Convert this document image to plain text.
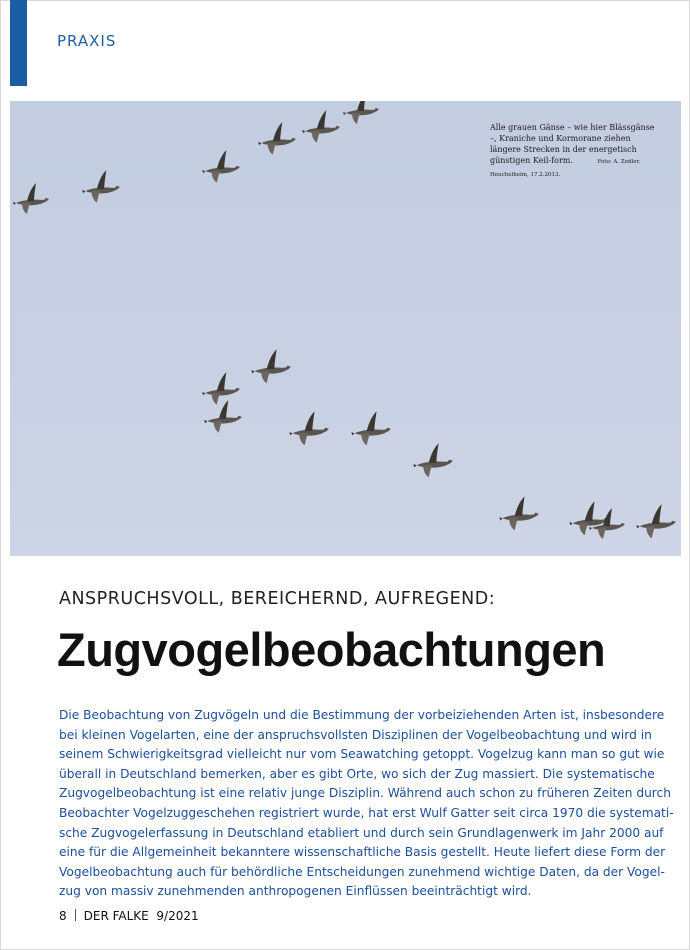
PRAXIS
Alle grauen Gänse – wie hier Blässgänse –, Kraniche und Kormorane ziehen längere Strecken in der energetisch günstigen Keil-form.	Foto: A. Zedler. Heuchelheim, 17.2.2013.
ANSPRUCHSVOLL, BEREICHERND, AUFREGEND:
Zugvogelbeobachtungen
Die Beobachtung von Zugvögeln und die Bestimmung der vorbeiziehenden Arten ist, insbesondere
bei kleinen Vogelarten, eine der anspruchsvollsten Disziplinen der Vogelbeobachtung und wird in
seinem Schwierigkeitsgrad vielleicht nur vom Seawatching getoppt. Vogelzug kann man so gut wie
überall in Deutschland bemerken, aber es gibt Orte, wo sich der Zug massiert. Die systematische
Zugvogelbeobachtung ist eine relativ junge Disziplin. Während auch schon zu früheren Zeiten durch
Beobachter Vogelzuggeschehen registriert wurde, hat erst Wulf Gatter seit circa 1970 die systemati-
sche Zugvogelerfassung in Deutschland etabliert und durch sein Grundlagenwerk im Jahr 2000 auf
eine für die Allgemeinheit bekanntere wissenschaftliche Basis gestellt. Heute liefert diese Form der
Vogelbeobachtung auch für behördliche Entscheidungen zunehmend wichtige Daten, da der Vogel-
zug von massiv zunehmenden anthropogenen Einflüssen beeinträchtigt wird.
8 DER FALKE 9/2021
